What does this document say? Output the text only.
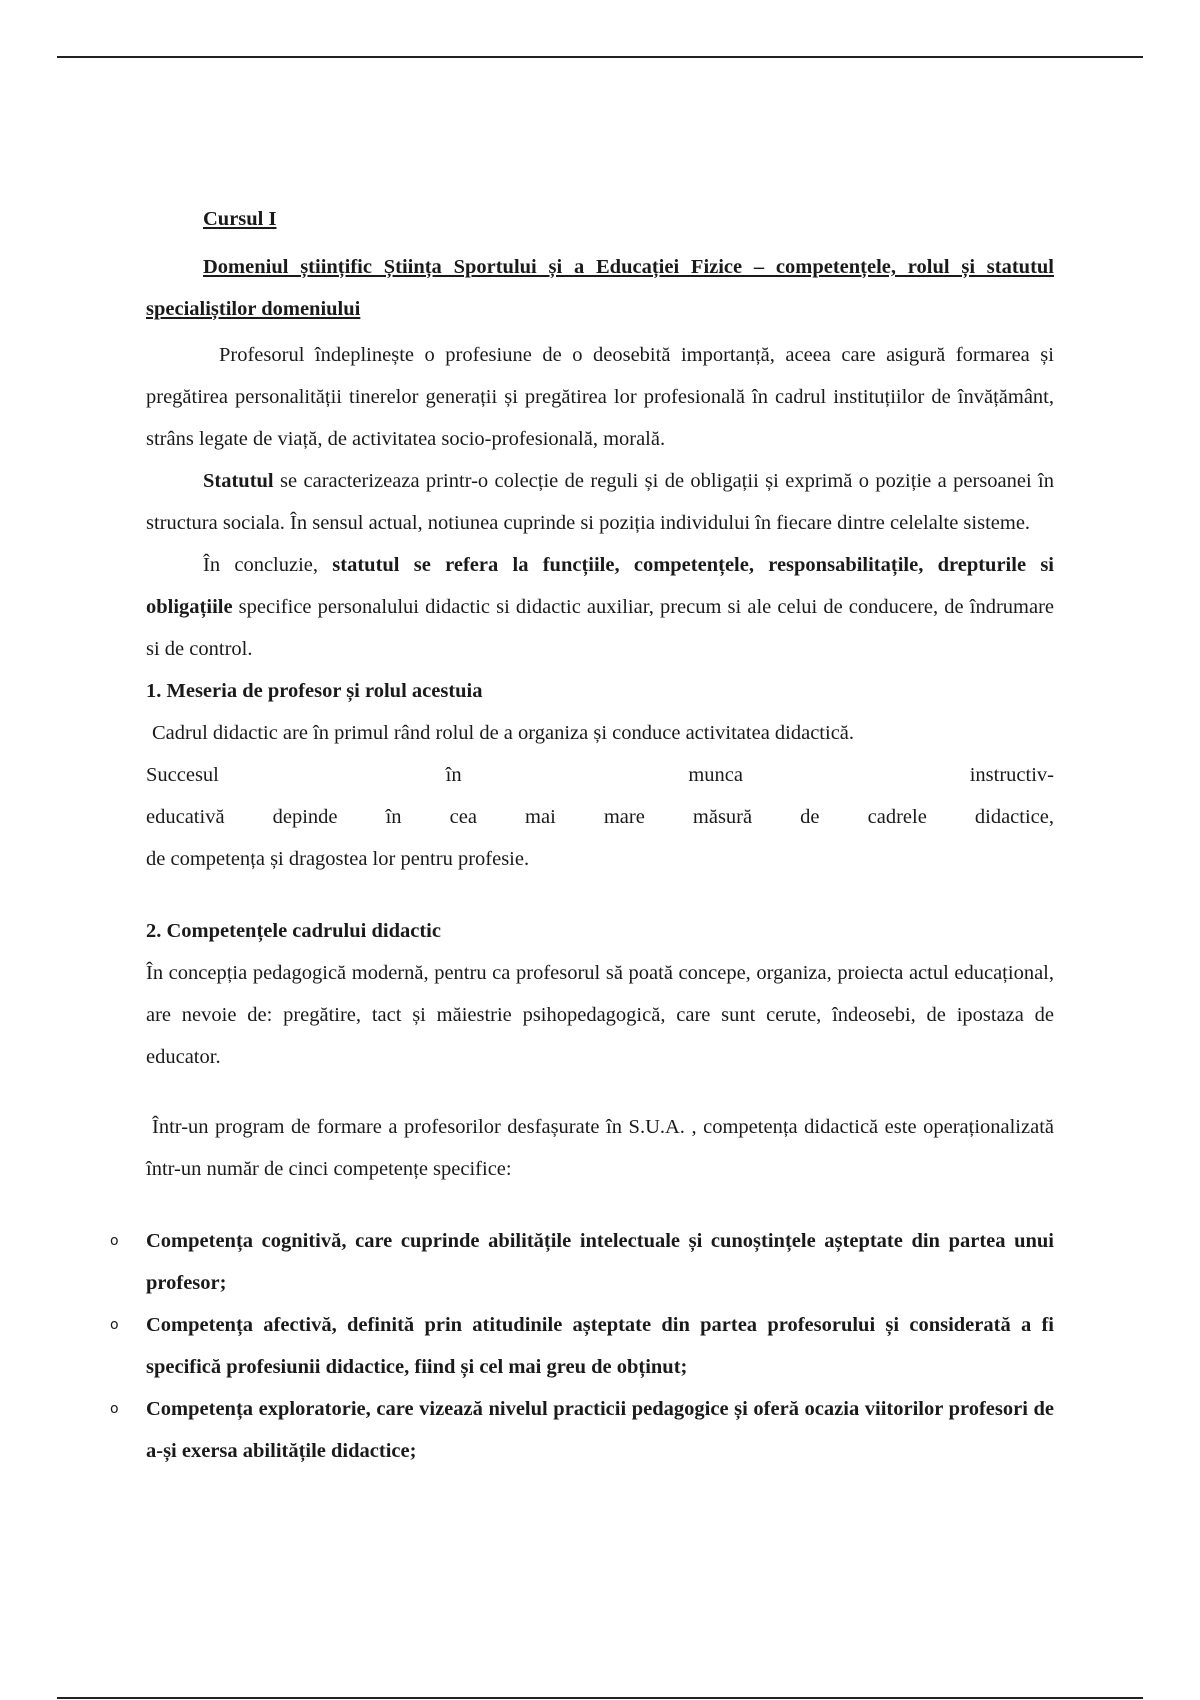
Cursul I

Domeniul științific Știința Sportului și a Educației Fizice – competențele, rolul și statutul specialiștilor domeniului

Profesorul îndeplinește o profesiune de o deosebită importanță, aceea care asigură formarea și pregătirea personalității tinerelor generații și pregătirea lor profesională în cadrul instituțiilor de învățământ, strâns legate de viață, de activitatea socio-profesională, morală.

Statutul se caracterizeaza printr-o colecție de reguli și de obligații și exprimă o poziție a persoanei în structura sociala. În sensul actual, notiunea cuprinde si poziția individului în fiecare dintre celelalte sisteme.

În concluzie, statutul se refera la funcțiile, competențele, responsabilitațile, drepturile si obligațiile specifice personalului didactic si didactic auxiliar, precum si ale celui de conducere, de îndrumare si de control.

1. Meseria de profesor și rolul acestuia

Cadrul didactic are în primul rând rolul de a organiza și conduce activitatea didactică.

Succesul în munca instructiv-

educativă depinde în cea mai mare măsură de cadrele didactice,

de competența și dragostea lor pentru profesie.

2. Competențele cadrului didactic

În concepția pedagogică modernă, pentru ca profesorul să poată concepe, organiza, proiecta actul educațional, are nevoie de: pregătire, tact și măiestrie psihopedagogică, care sunt cerute, îndeosebi, de ipostaza de educator.

Într-un program de formare a profesorilor desfașurate în S.U.A. , competența didactică este operaționalizată într-un număr de cinci competențe specifice:

o Competența cognitivă, care cuprinde abilitățile intelectuale și cunoștințele așteptate din partea unui profesor;
o Competența afectivă, definită prin atitudinile așteptate din partea profesorului și considerată a fi specifică profesiunii didactice, fiind și cel mai greu de obținut;
o Competența exploratorie, care vizează nivelul practicii pedagogice și oferă ocazia viitorilor profesori de a-și exersa abilitățile didactice;
